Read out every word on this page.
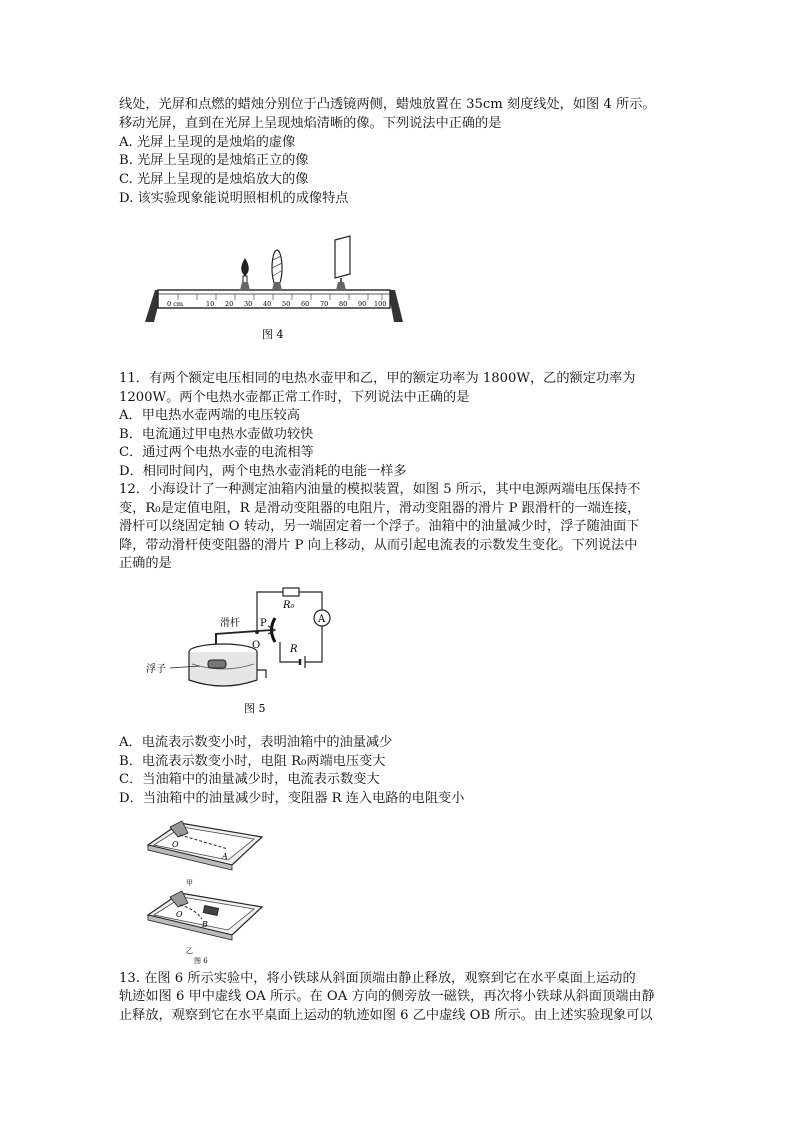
线处，光屏和点燃的蜡烛分别位于凸透镜两侧，蜡烛放置在 35cm 刻度线处，如图 4 所示。
移动光屏，直到在光屏上呈现烛焰清晰的像。下列说法中正确的是
A. 光屏上呈现的是烛焰的虚像
B. 光屏上呈现的是烛焰正立的像
C. 光屏上呈现的是烛焰放大的像
D. 该实验现象能说明照相机的成像特点
0 cm	10 20 30 40 50 60 70 80 90 100
图 4
11．有两个额定电压相同的电热水壶甲和乙，甲的额定功率为 1800W，乙的额定功率为
1200W。两个电热水壶都正常工作时，下列说法中正确的是
A．甲电热水壶两端的电压较高
B．电流通过甲电热水壶做功较快
C．通过两个电热水壶的电流相等
D．相同时间内，两个电热水壶消耗的电能一样多
12．小海设计了一种测定油箱内油量的模拟装置，如图 5 所示，其中电源两端电压保持不
变，R₀是定值电阻，R 是滑动变阻器的电阻片，滑动变阻器的滑片 P 跟滑杆的一端连接，
滑杆可以绕固定轴 O 转动，另一端固定着一个浮子。油箱中的油量减少时，浮子随油面下
降，带动滑杆使变阻器的滑片 P 向上移动，从而引起电流表的示数发生变化。下列说法中
正确的是
R₀
A
R
P
O
滑杆
浮子
图 5
A．电流表示数变小时，表明油箱中的油量减少
B．电流表示数变小时，电阻 R₀两端电压变大
C．当油箱中的油量减少时，电流表示数变大
D．当油箱中的油量减少时，变阻器 R 连入电路的电阻变小
O
A
甲
O
B
乙
图 6
13. 在图 6 所示实验中，将小铁球从斜面顶端由静止释放，观察到它在水平桌面上运动的
轨迹如图 6 甲中虚线 OA 所示。在 OA 方向的侧旁放一磁铁，再次将小铁球从斜面顶端由静
止释放，观察到它在水平桌面上运动的轨迹如图 6 乙中虚线 OB 所示。由上述实验现象可以
